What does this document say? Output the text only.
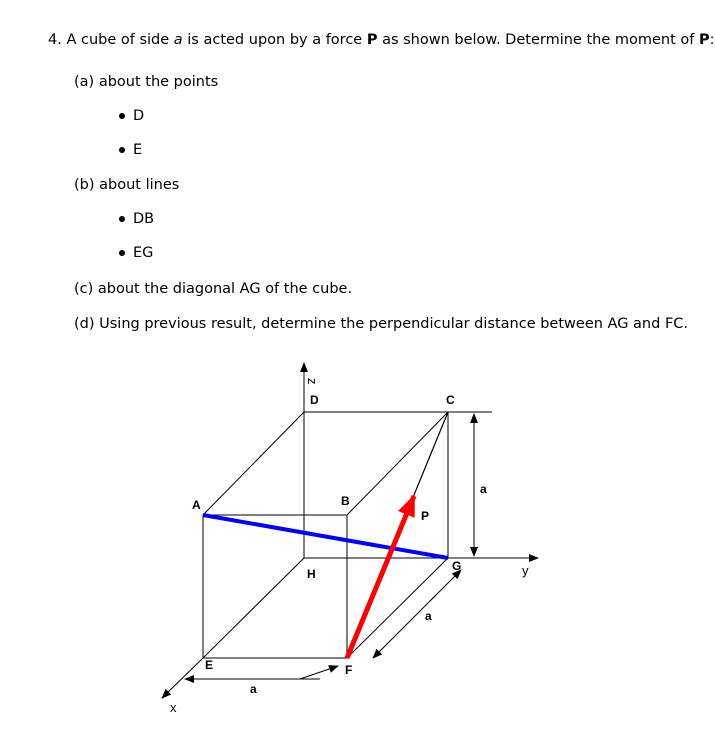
4. A cube of side a is acted upon by a force P as shown below. Determine the moment of P:
(a) about the points
D
E
(b) about lines
DB
EG
(c) about the diagonal AG of the cube.
(d) Using previous result, determine the perpendicular distance between AG and FC.
z
y
x
D	C
A	B
P
H
G
E	F
a
a
a
